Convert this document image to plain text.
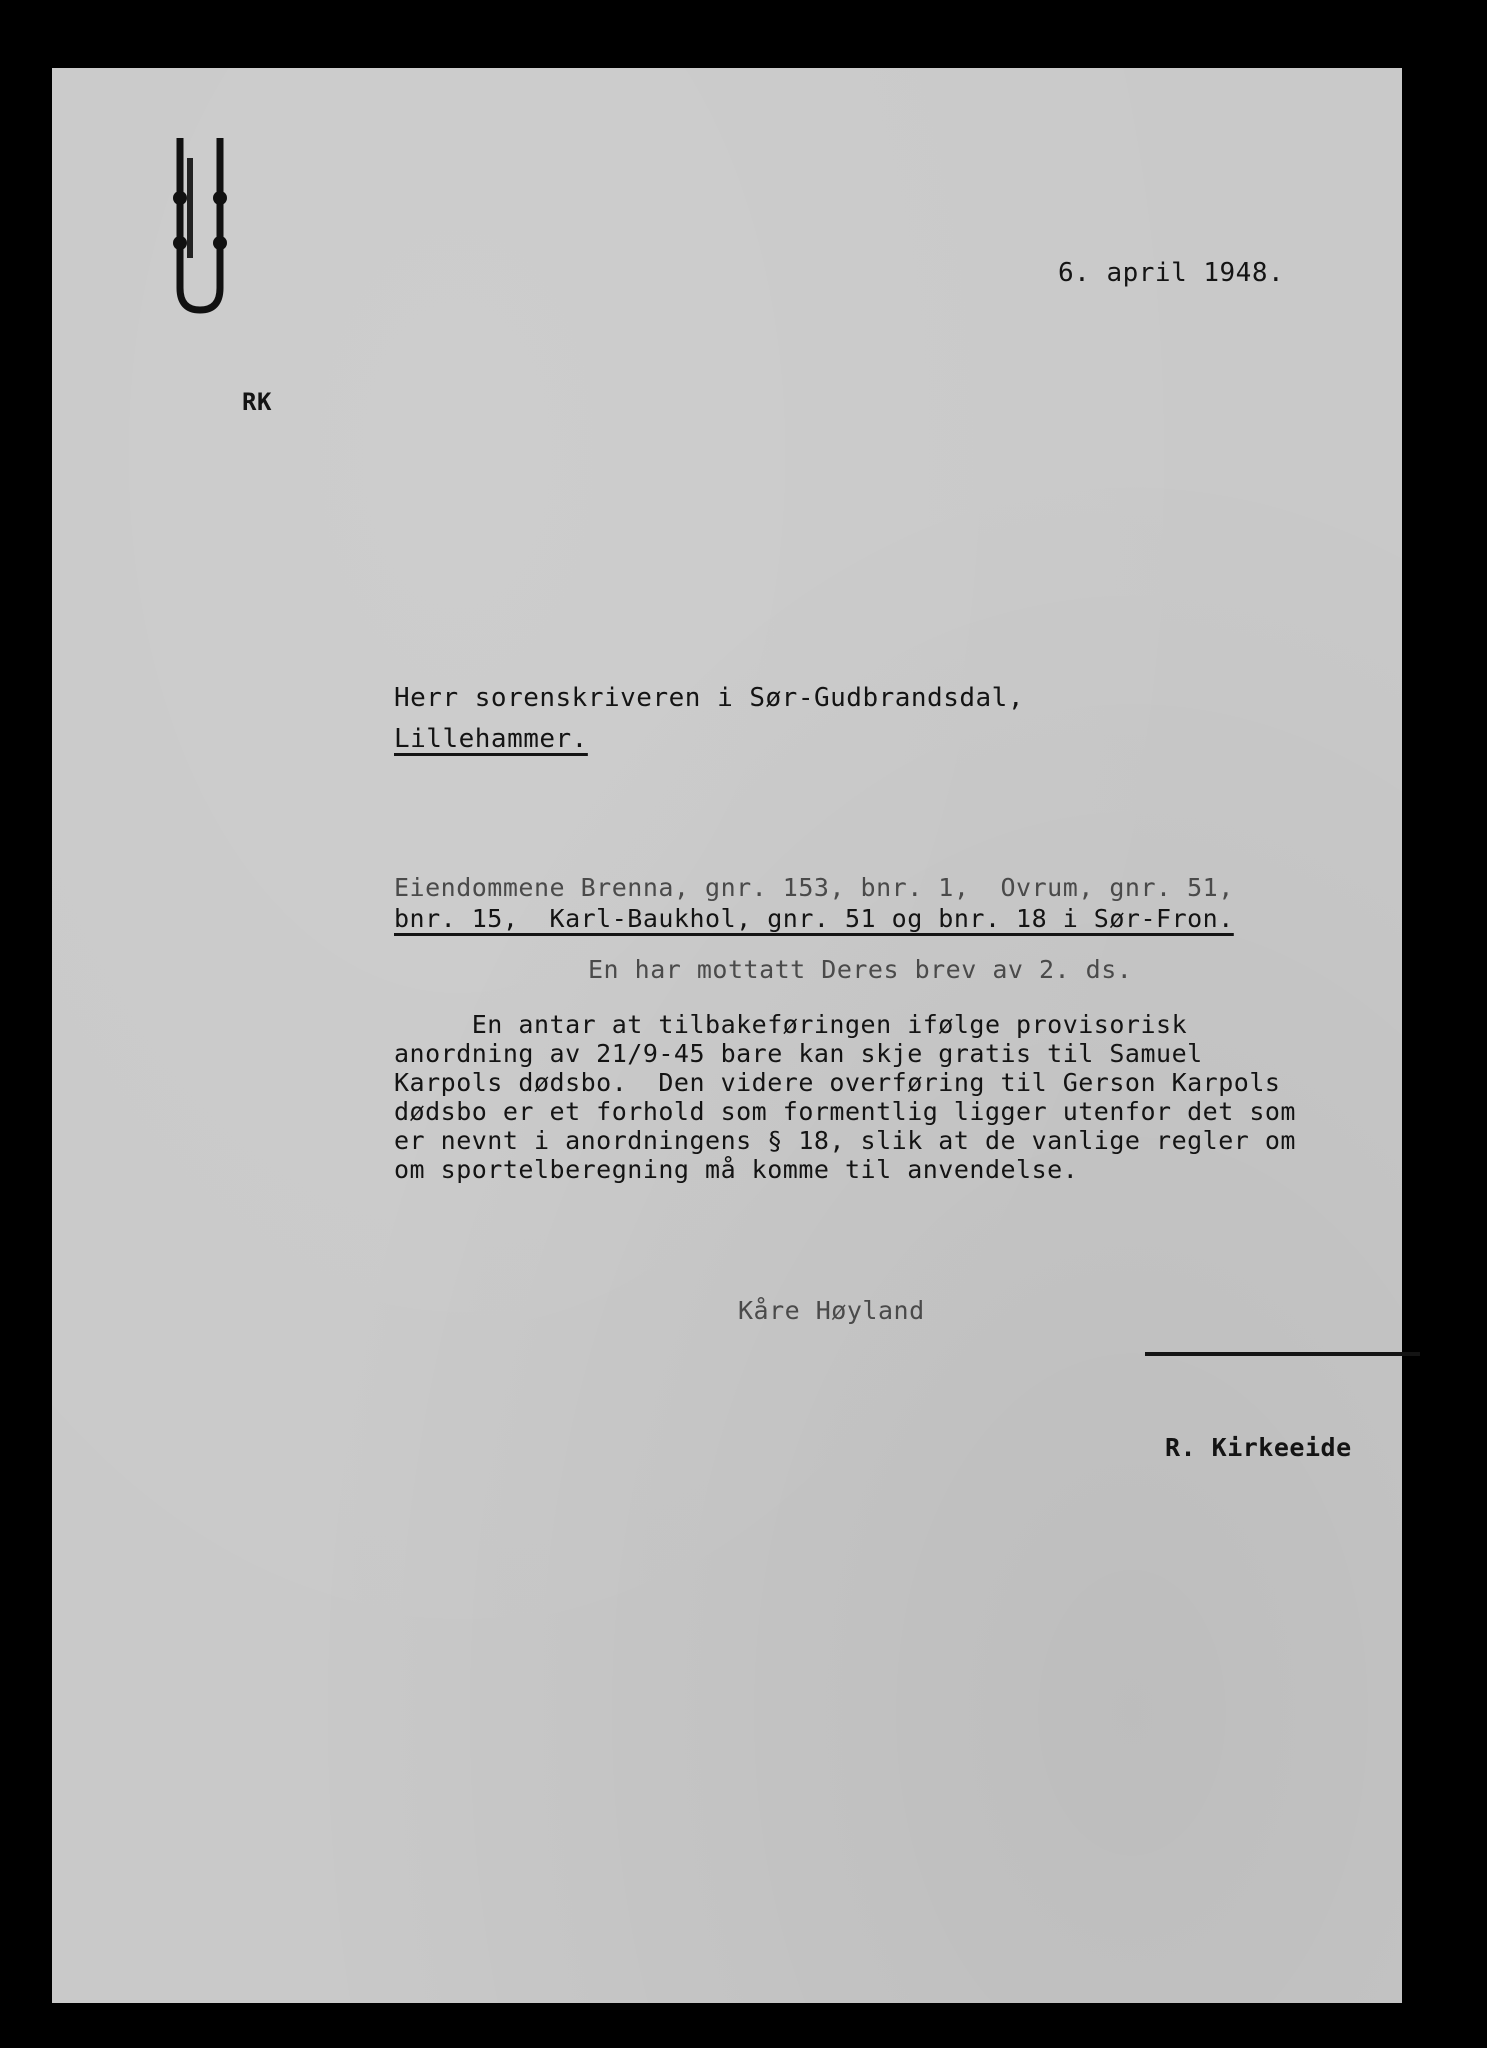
6. april 1948.
RK
Herr sorenskriveren i Sør-Gudbrandsdal,
Lillehammer.
Eiendommene Brenna, gnr. 153, bnr. 1,  Ovrum, gnr. 51,
bnr. 15,  Karl-Baukhol, gnr. 51 og bnr. 18 i Sør-Fron.
En har mottatt Deres brev av 2. ds.
En antar at tilbakeføringen ifølge provisorisk
anordning av 21/9-45 bare kan skje gratis til Samuel
Karpols dødsbo.  Den videre overføring til Gerson Karpols
dødsbo er et forhold som formentlig ligger utenfor det som
er nevnt i anordningens § 18, slik at de vanlige regler om
om sportelberegning må komme til anvendelse.
Kåre Høyland
R. Kirkeeide
